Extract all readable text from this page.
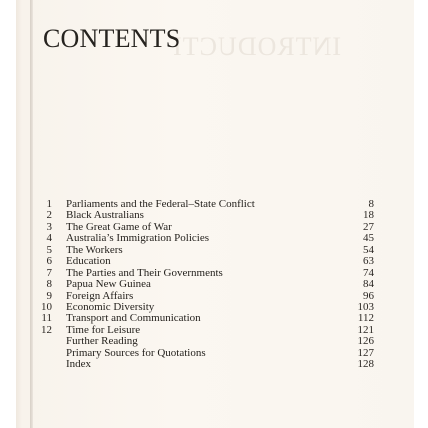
INTRODUCTI
CONTENTS
1 Parliaments and the Federal–State Conflict	8
2 Black Australians	18
3 The Great Game of War	27
4 Australia’s Immigration Policies	45
5 The Workers	54
6 Education	63
7 The Parties and Their Governments	74
8 Papua New Guinea	84
9 Foreign Affairs	96
10 Economic Diversity	103
11 Transport and Communication	112
12 Time for Leisure	121
Further Reading	126
Primary Sources for Quotations	127
Index	128
